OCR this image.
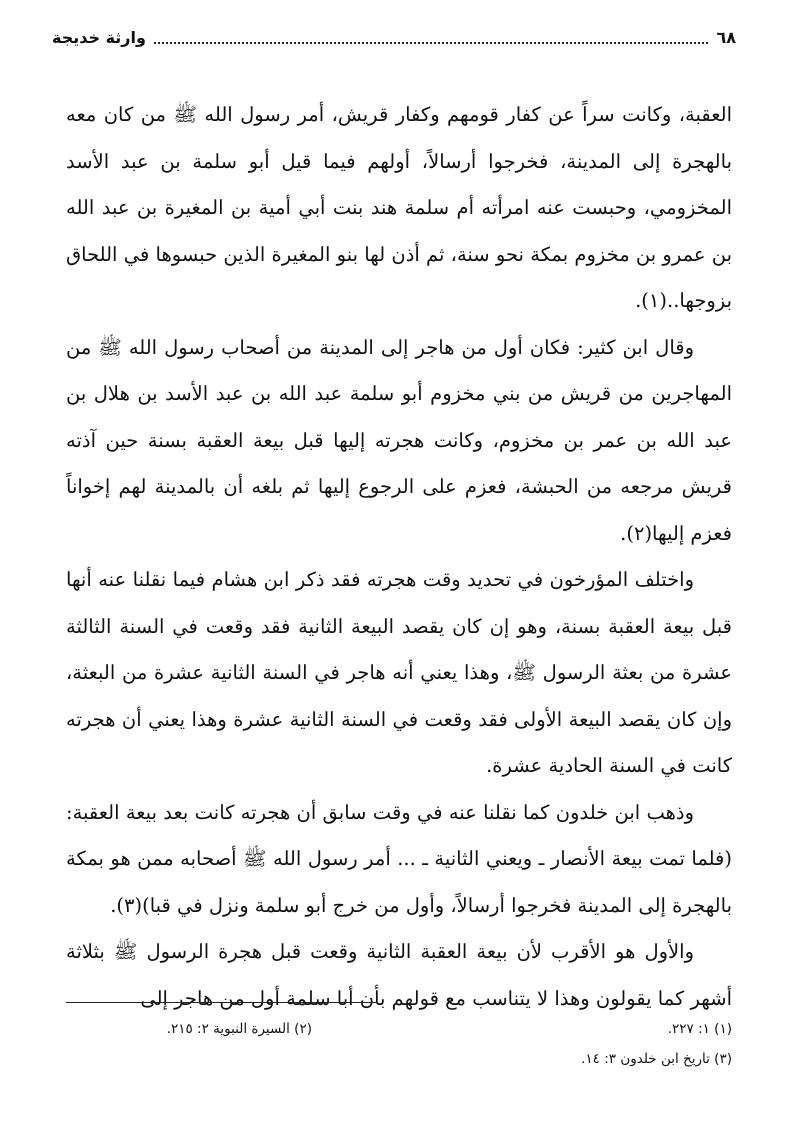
٦٨
وارثة خديجة

العقبة، وكانت سراً عن كفار قومهم وكفار قريش، أمر رسول الله ﷺ من كان معه بالهجرة إلى المدينة، فخرجوا أرسالاً، أولهم فيما قيل أبو سلمة بن عبد الأسد المخزومي، وحبست عنه امرأته أم سلمة هند بنت أبي أمية بن المغيرة بن عبد الله بن عمرو بن مخزوم بمكة نحو سنة، ثم أذن لها بنو المغيرة الذين حبسوها في اللحاق بزوجها..(١).

وقال ابن كثير: فكان أول من هاجر إلى المدينة من أصحاب رسول الله ﷺ من المهاجرين من قريش من بني مخزوم أبو سلمة عبد الله بن عبد الأسد بن هلال بن عبد الله بن عمر بن مخزوم، وكانت هجرته إليها قبل بيعة العقبة بسنة حين آذته قريش مرجعه من الحبشة، فعزم على الرجوع إليها ثم بلغه أن بالمدينة لهم إخواناً فعزم إليها(٢).

واختلف المؤرخون في تحديد وقت هجرته فقد ذكر ابن هشام فيما نقلنا عنه أنها قبل بيعة العقبة بسنة، وهو إن كان يقصد البيعة الثانية فقد وقعت في السنة الثالثة عشرة من بعثة الرسول ﷺ، وهذا يعني أنه هاجر في السنة الثانية عشرة من البعثة، وإن كان يقصد البيعة الأولى فقد وقعت في السنة الثانية عشرة وهذا يعني أن هجرته كانت في السنة الحادية عشرة.

وذهب ابن خلدون كما نقلنا عنه في وقت سابق أن هجرته كانت بعد بيعة العقبة: (فلما تمت بيعة الأنصار ـ ويعني الثانية ـ ... أمر رسول الله ﷺ أصحابه ممن هو بمكة بالهجرة إلى المدينة فخرجوا أرسالاً، وأول من خرج أبو سلمة ونزل في قبا)(٣).

والأول هو الأقرب لأن بيعة العقبة الثانية وقعت قبل هجرة الرسول ﷺ بثلاثة أشهر كما يقولون وهذا لا يتناسب مع قولهم بأن أبا سلمة أول من هاجر إلى

(١) ١: ٢٢٧.
(٢) السيرة النبوية ٢: ٢١٥.
(٣) تاريخ ابن خلدون ٣: ١٤.
